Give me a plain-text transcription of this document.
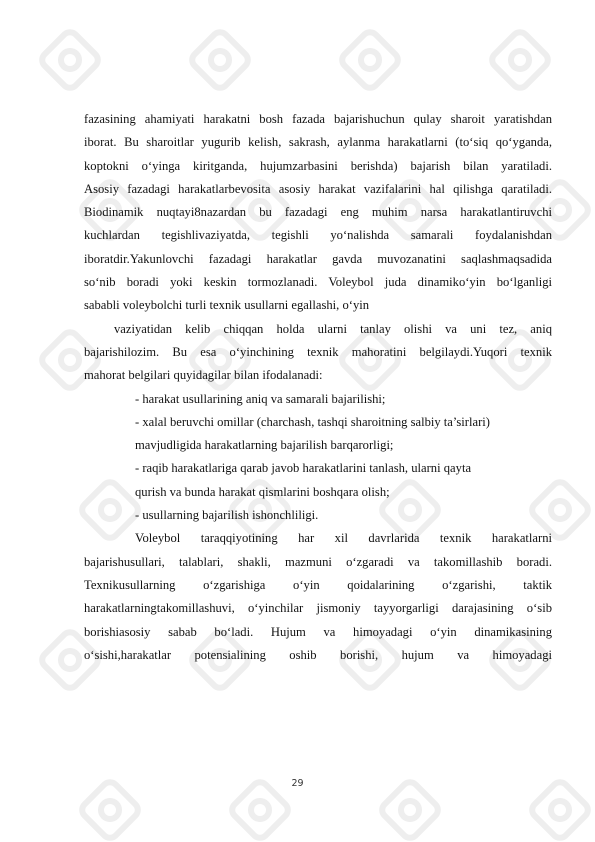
fazasining ahamiyati harakatni bosh fazada bajarishuchun qulay sharoit yaratishdan
iborat. Bu sharoitlar yugurib kelish, sakrash, aylanma harakatlarni (to‘siq qo‘yganda,
koptokni o‘yinga kiritganda, hujumzarbasini berishda) bajarish bilan yaratiladi.
Asosiy fazadagi harakatlarbevosita asosiy harakat vazifalarini hal qilishga qaratiladi.
Biodinamik nuqtayi8nazardan bu fazadagi eng muhim narsa harakatlantiruvchi
kuchlardan tegishlivaziyatda, tegishli yo‘nalishda samarali foydalanishdan
iboratdir.Yakunlovchi fazadagi harakatlar gavda muvozanatini saqlashmaqsadida
so‘nib boradi yoki keskin tormozlanadi. Voleybol juda dinamiko‘yin bo‘lganligi
sababli voleybolchi turli texnik usullarni egallashi, o‘yin
vaziyatidan kelib chiqqan holda ularni tanlay olishi va uni tez, aniq
bajarishilozim. Bu esa o‘yinchining texnik mahoratini belgilaydi.Yuqori texnik
mahorat belgilari quyidagilar bilan ifodalanadi:
- harakat usullarining aniq va samarali bajarilishi;
- xalal beruvchi omillar (charchash, tashqi sharoitning salbiy ta’sirlari)
mavjudligida harakatlarning bajarilish barqarorligi;
- raqib harakatlariga qarab javob harakatlarini tanlash, ularni qayta
qurish va bunda harakat qismlarini boshqara olish;
- usullarning bajarilish ishonchliligi.
Voleybol taraqqiyotining har xil davrlarida texnik harakatlarni
bajarishusullari, talablari, shakli, mazmuni o‘zgaradi va takomillashib boradi.
Texnikusullarning o‘zgarishiga o‘yin qoidalarining o‘zgarishi, taktik
harakatlarningtakomillashuvi, o‘yinchilar jismoniy tayyorgarligi darajasining o‘sib
borishiasosiy sabab bo‘ladi. Hujum va himoyadagi o‘yin dinamikasining
o‘sishi,harakatlar potensialining oshib borishi, hujum va himoyadagi
29
